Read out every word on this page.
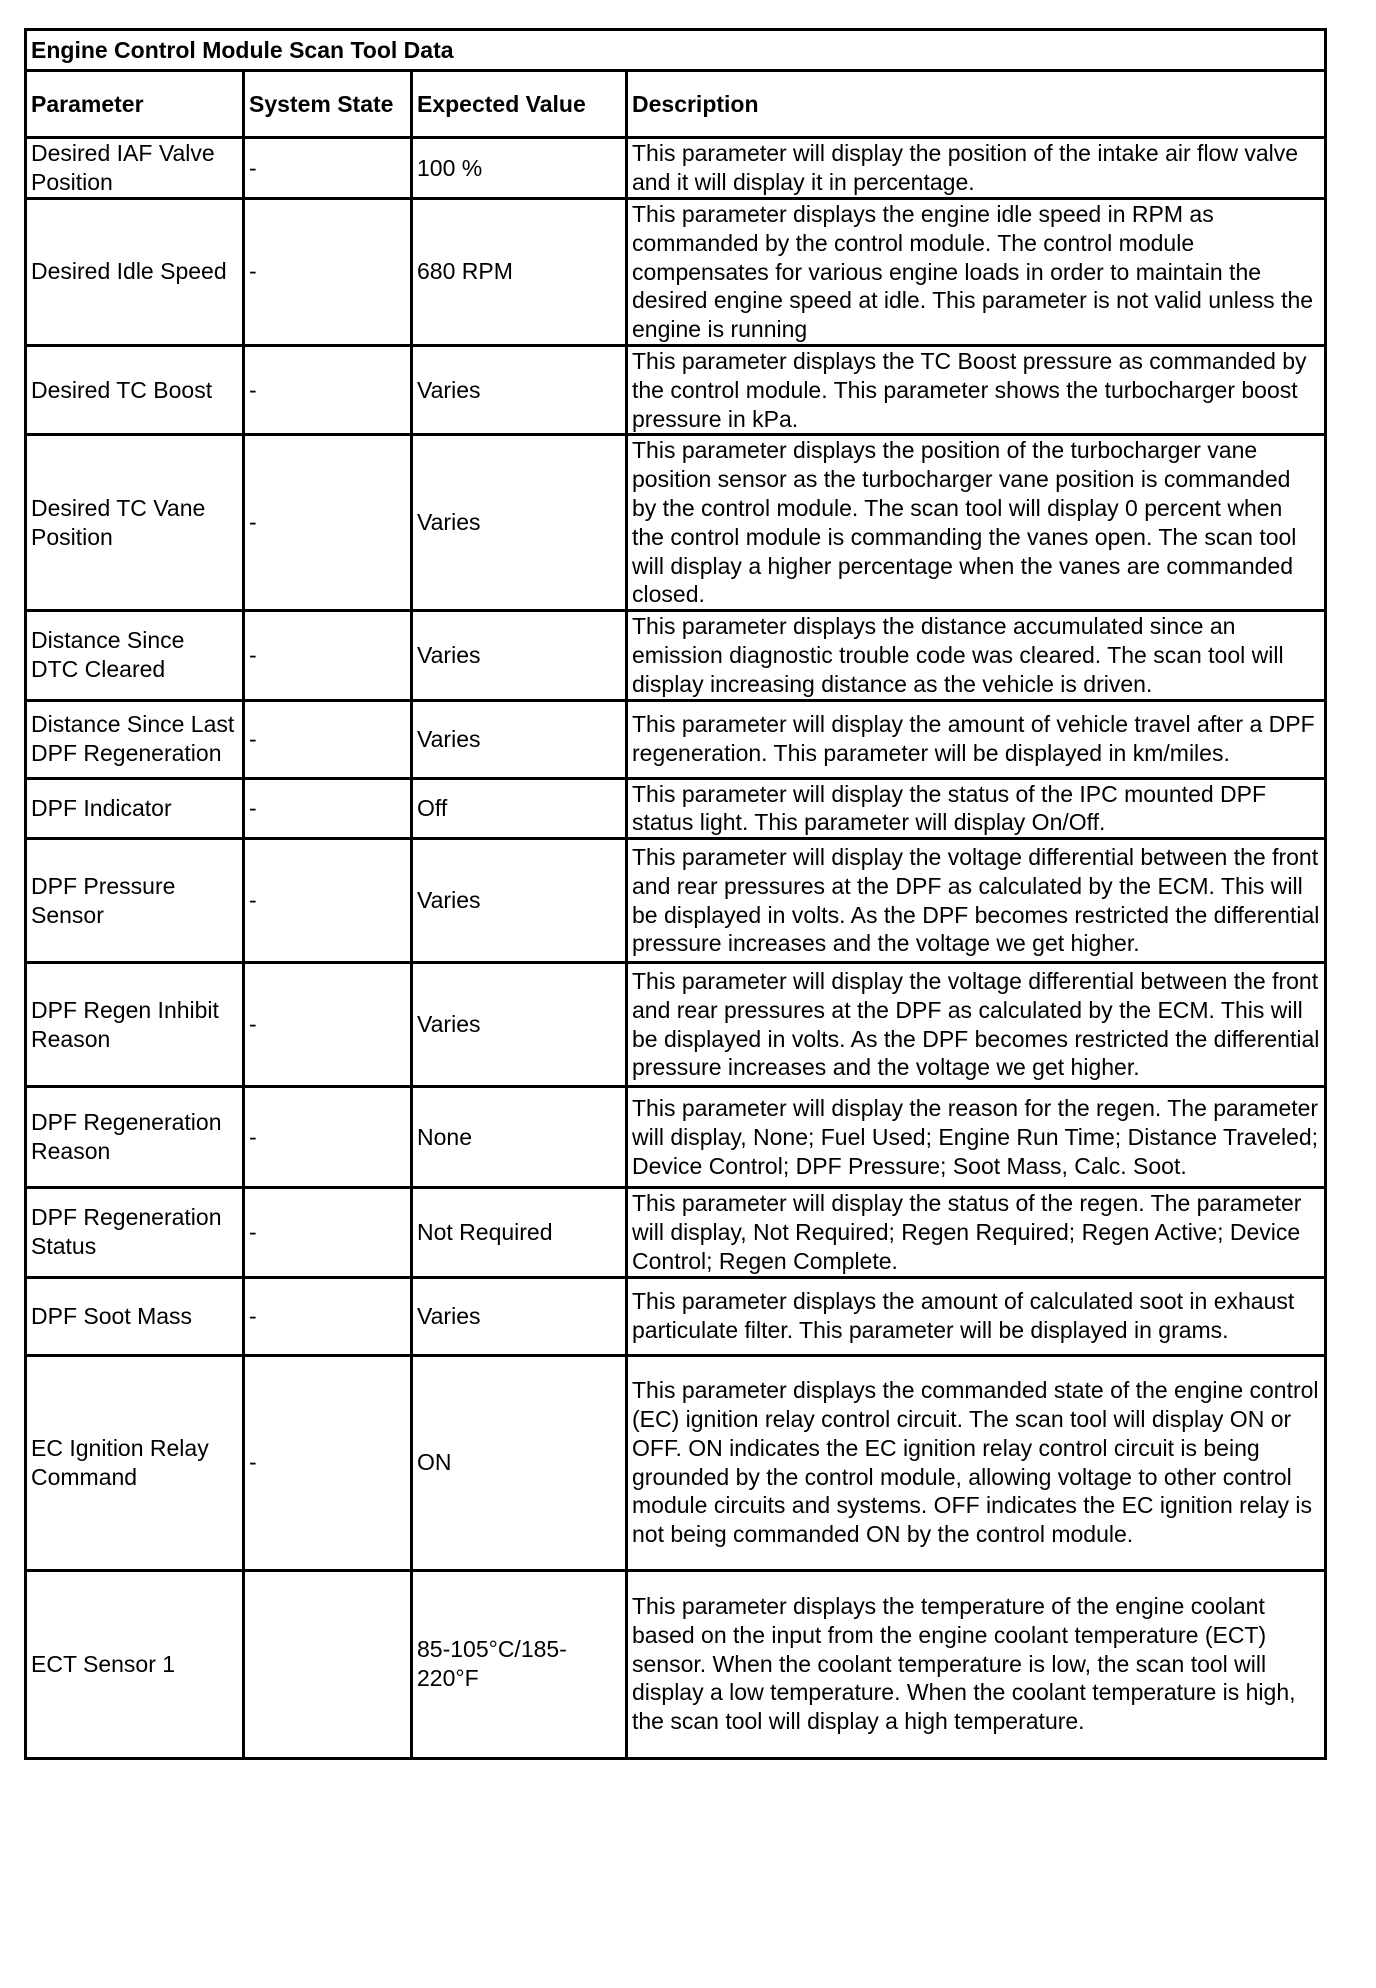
Engine Control Module Scan Tool Data			
Parameter	System State	Expected Value	Description
Desired IAF Valve Position	-	100 %	This parameter will display the position of the intake air flow valve and it will display it in percentage.
Desired Idle Speed	-	680 RPM	This parameter displays the engine idle speed in RPM as commanded by the control module. The control module compensates for various engine loads in order to maintain the desired engine speed at idle. This parameter is not valid unless the engine is running
Desired TC Boost	-	Varies	This parameter displays the TC Boost pressure as commanded by the control module. This parameter shows the turbocharger boost pressure in kPa.
Desired TC Vane Position	-	Varies	This parameter displays the position of the turbocharger vane position sensor as the turbocharger vane position is commanded by the control module. The scan tool will display 0 percent when the control module is commanding the vanes open. The scan tool will display a higher percentage when the vanes are commanded closed.
Distance Since DTC Cleared	-	Varies	This parameter displays the distance accumulated since an emission diagnostic trouble code was cleared. The scan tool will display increasing distance as the vehicle is driven.
Distance Since Last DPF Regeneration	-	Varies	This parameter will display the amount of vehicle travel after a DPF regeneration. This parameter will be displayed in km/miles.
DPF Indicator	-	Off	This parameter will display the status of the IPC mounted DPF status light. This parameter will display On/Off.
DPF Pressure Sensor	-	Varies	This parameter will display the voltage differential between the front and rear pressures at the DPF as calculated by the ECM. This will be displayed in volts. As the DPF becomes restricted the differential pressure increases and the voltage we get higher.
DPF Regen Inhibit Reason	-	Varies	This parameter will display the voltage differential between the front and rear pressures at the DPF as calculated by the ECM. This will be displayed in volts. As the DPF becomes restricted the differential pressure increases and the voltage we get higher.
DPF Regeneration Reason	-	None	This parameter will display the reason for the regen. The parameter will display, None; Fuel Used; Engine Run Time; Distance Traveled; Device Control; DPF Pressure; Soot Mass, Calc. Soot.
DPF Regeneration Status	-	Not Required	This parameter will display the status of the regen. The parameter will display, Not Required; Regen Required; Regen Active; Device Control; Regen Complete.
DPF Soot Mass	-	Varies	This parameter displays the amount of calculated soot in exhaust particulate filter. This parameter will be displayed in grams.
EC Ignition Relay Command	-	ON	This parameter displays the commanded state of the engine control (EC) ignition relay control circuit. The scan tool will display ON or OFF. ON indicates the EC ignition relay control circuit is being grounded by the control module, allowing voltage to other control module circuits and systems. OFF indicates the EC ignition relay is not being commanded ON by the control module.
ECT Sensor 1		85-105°C/185-220°F	This parameter displays the temperature of the engine coolant based on the input from the engine coolant temperature (ECT) sensor. When the coolant temperature is low, the scan tool will display a low temperature. When the coolant temperature is high, the scan tool will display a high temperature.
